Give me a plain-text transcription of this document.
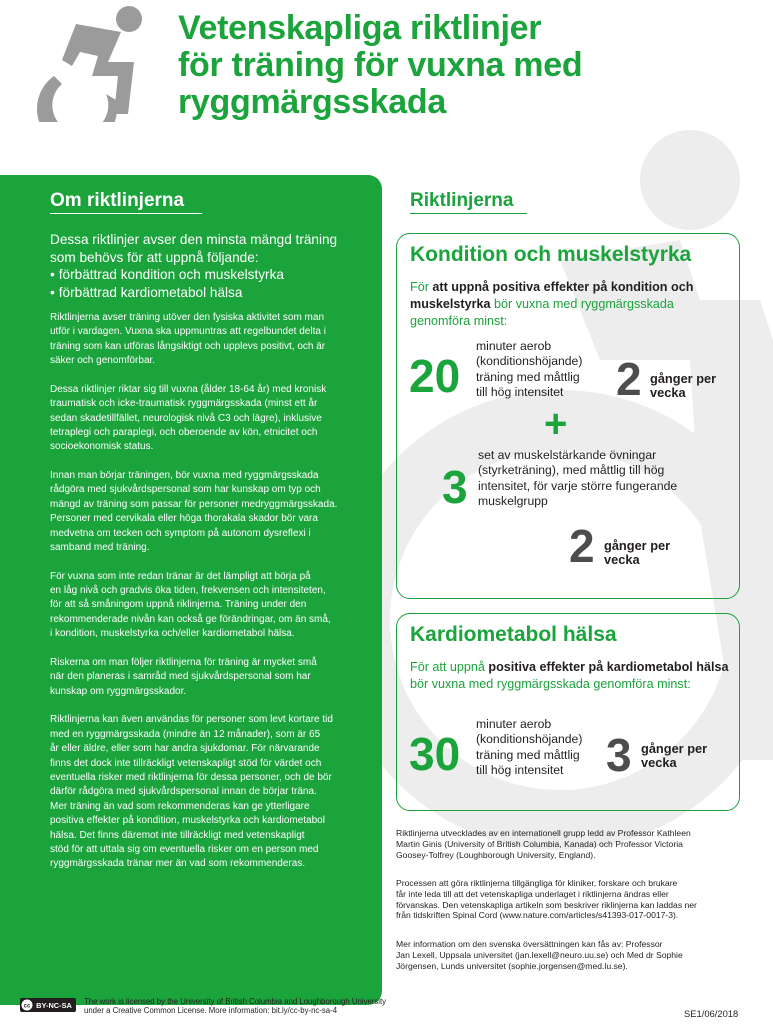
Vetenskapliga riktlinjer
för träning för vuxna med
ryggmärgsskada
Om riktlinjerna
Dessa riktlinjer avser den minsta mängd träning
som behövs för att uppnå följande:
• förbättrad kondition och muskelstyrka
• förbättrad kardiometabol hälsa

Riktlinjerna avser träning utöver den fysiska aktivitet som man
utför i vardagen. Vuxna ska uppmuntras att regelbundet delta i
träning som kan utföras långsiktigt och upplevs positivt, och är
säker och genomförbar.

Dessa riktlinjer riktar sig till vuxna (ålder 18-64 år) med kronisk
traumatisk och icke-traumatisk ryggmärgsskada (minst ett år
sedan skadetillfället, neurologisk nivå C3 och lägre), inklusive
tetraplegi och paraplegi, och oberoende av kön, etnicitet och
socioekonomisk status.

Innan man börjar träningen, bör vuxna med ryggmärgsskada
rådgöra med sjukvårdspersonal som har kunskap om typ och
mängd av träning som passar för personer medryggmärgsskada.
Personer med cervikala eller höga thorakala skador bör vara
medvetna om tecken och symptom på autonom dysreflexi i
samband med träning.

För vuxna som inte redan tränar är det lämpligt att börja på
en låg nivå och gradvis öka tiden, frekvensen och intensiteten,
för att så småningom uppnå riklinjerna. Träning under den
rekommenderade nivån kan också ge förändringar, om än små,
i kondition, muskelstyrka och/eller kardiometabol hälsa.

Riskerna om man följer riktlinjerna för träning är mycket små
när den planeras i samråd med sjukvårdspersonal som har
kunskap om ryggmärgsskador.

Riktlinjerna kan även användas för personer som levt kortare tid
med en ryggmärgsskada (mindre än 12 månader), som är 65
år eller äldre, eller som har andra sjukdomar. För närvarande
finns det dock inte tillräckligt vetenskapligt stöd för värdet och
eventuella risker med riktlinjerna för dessa personer, och de bör
därför rådgöra med sjukvårdspersonal innan de börjar träna.
Mer träning än vad som rekommenderas kan ge ytterligare
positiva effekter på kondition, muskelstyrka och kardiometabol
hälsa. Det finns däremot inte tillräckligt med vetenskapligt
stöd för att uttala sig om eventuella risker om en person med
ryggmärgsskada tränar mer än vad som rekommenderas.

Riktlinjerna
Kondition och muskelstyrka
För att uppnå positiva effekter på kondition och muskelstyrka bör vuxna med ryggmärgsskada genomföra minst:
20
minuter aerob
(konditionshöjande)
träning med måttlig
till hög intensitet	2 gånger per
vecka
+
3
set av muskelstärkande övningar
(styrketräning), med måttlig till hög
intensitet, för varje större fungerande
muskelgrupp
2 gånger per
vecka
Kardiometabol hälsa
För att uppnå positiva effekter på kardiometabol hälsa bör vuxna med ryggmärgsskada genomföra minst:
30
minuter aerob
(konditionshöjande)
träning med måttlig
till hög intensitet 3 gånger per
vecka
Riktlinjerna utvecklades av en internationell grupp ledd av Professor Kathleen
Martin Ginis (University of British Columbia, Kanada) och Professor Victoria
Goosey-Tolfrey (Loughborough University, England).
Processen att göra riktlinjerna tillgängliga för kliniker, forskare och brukare
får inte leda till att det vetenskapliga underlaget i riktlinjerna ändras eller
förvanskas. Den vetenskapliga artikeln som beskriver riklinjerna kan laddas ner
från tidskriften Spinal Cord (www.nature.com/articles/s41393-017-0017-3).
Mer information om den svenska översättningen kan fås av: Professor
Jan Lexell, Uppsala universitet (jan.lexell@neuro.uu.se) och Med dr Sophie
Jörgensen, Lunds universitet (sophie.jorgensen@med.lu.se).
cc BY-NC-SA The work is licensed by the University of British Columbia and Loughborough University
under a Creative Common License. More information: bit.ly/cc-by-nc-sa-4	SE1/06/2018
